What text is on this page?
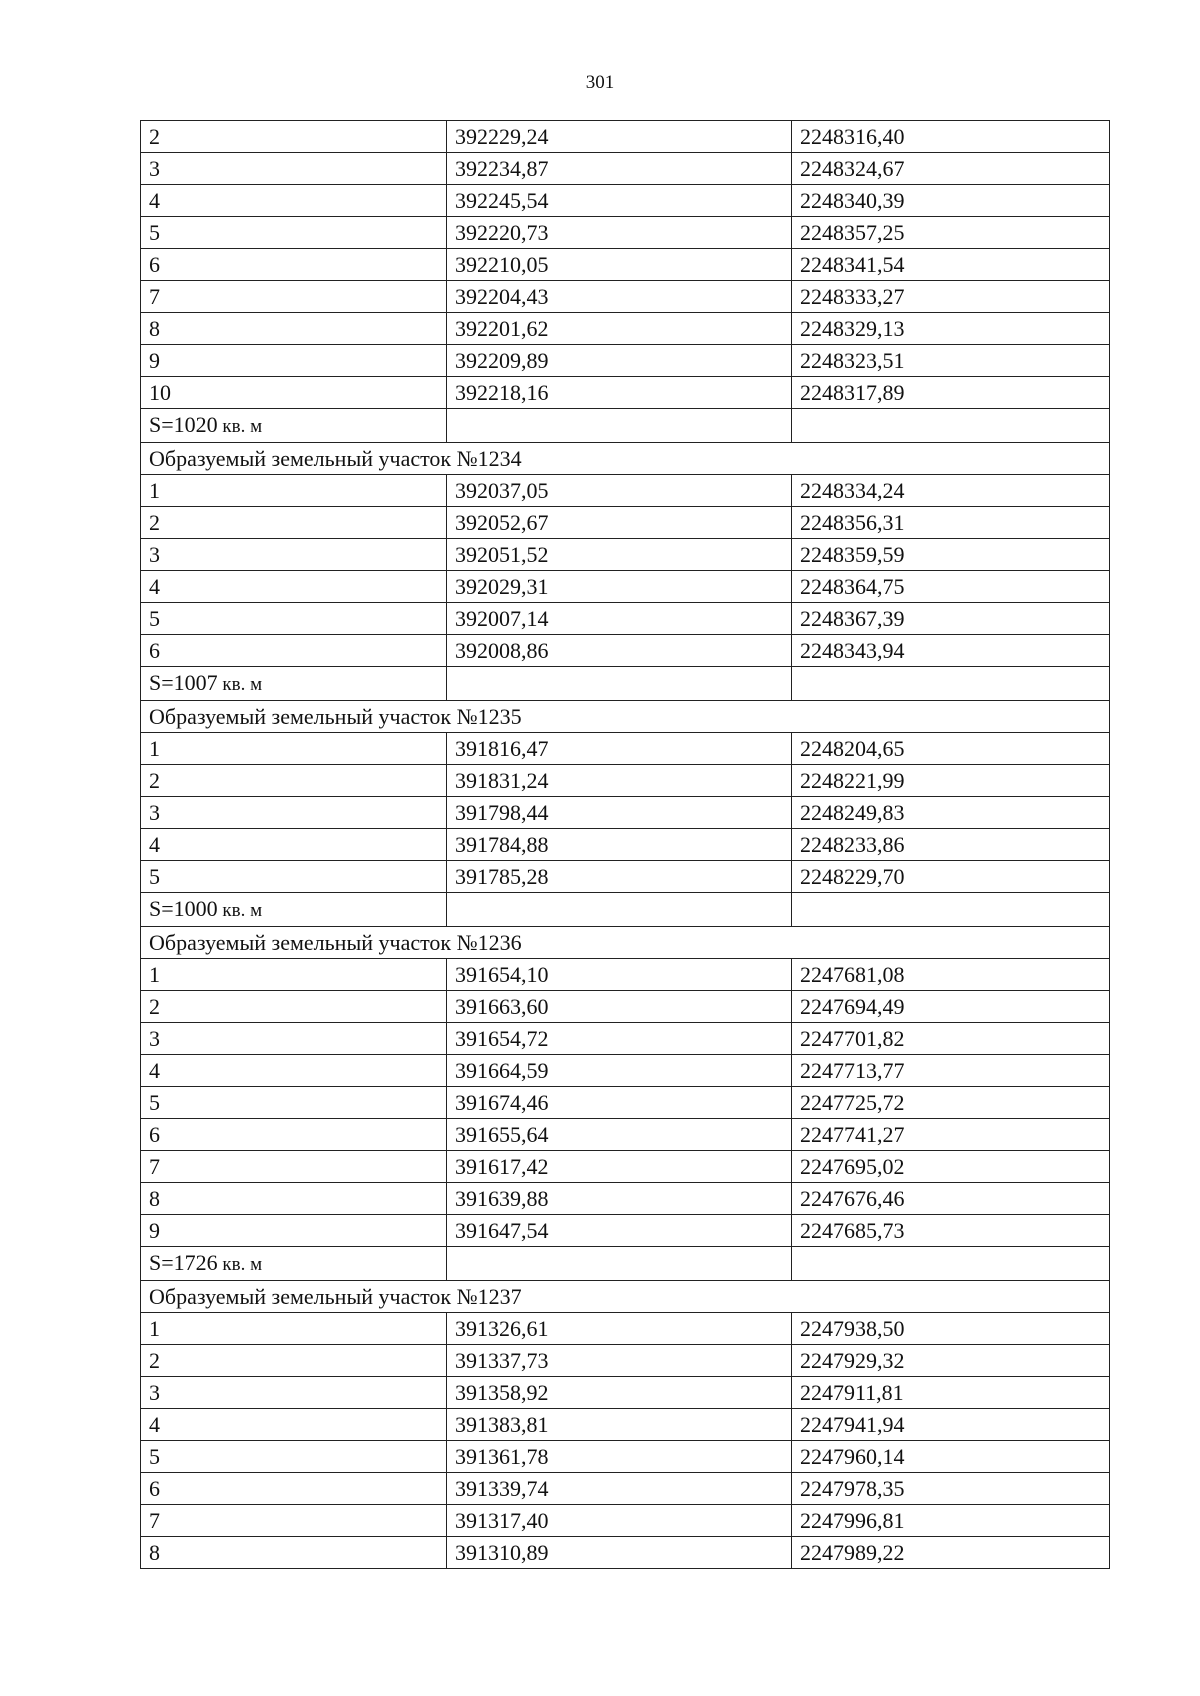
301
2	392229,24	2248316,40
3	392234,87	2248324,67
4	392245,54	2248340,39
5	392220,73	2248357,25
6	392210,05	2248341,54
7	392204,43	2248333,27
8	392201,62	2248329,13
9	392209,89	2248323,51
10	392218,16	2248317,89
S=1020 кв. м		
Образуемый земельный участок №1234		
1	392037,05	2248334,24
2	392052,67	2248356,31
3	392051,52	2248359,59
4	392029,31	2248364,75
5	392007,14	2248367,39
6	392008,86	2248343,94
S=1007 кв. м		
Образуемый земельный участок №1235		
1	391816,47	2248204,65
2	391831,24	2248221,99
3	391798,44	2248249,83
4	391784,88	2248233,86
5	391785,28	2248229,70
S=1000 кв. м		
Образуемый земельный участок №1236		
1	391654,10	2247681,08
2	391663,60	2247694,49
3	391654,72	2247701,82
4	391664,59	2247713,77
5	391674,46	2247725,72
6	391655,64	2247741,27
7	391617,42	2247695,02
8	391639,88	2247676,46
9	391647,54	2247685,73
S=1726 кв. м		
Образуемый земельный участок №1237		
1	391326,61	2247938,50
2	391337,73	2247929,32
3	391358,92	2247911,81
4	391383,81	2247941,94
5	391361,78	2247960,14
6	391339,74	2247978,35
7	391317,40	2247996,81
8	391310,89	2247989,22
